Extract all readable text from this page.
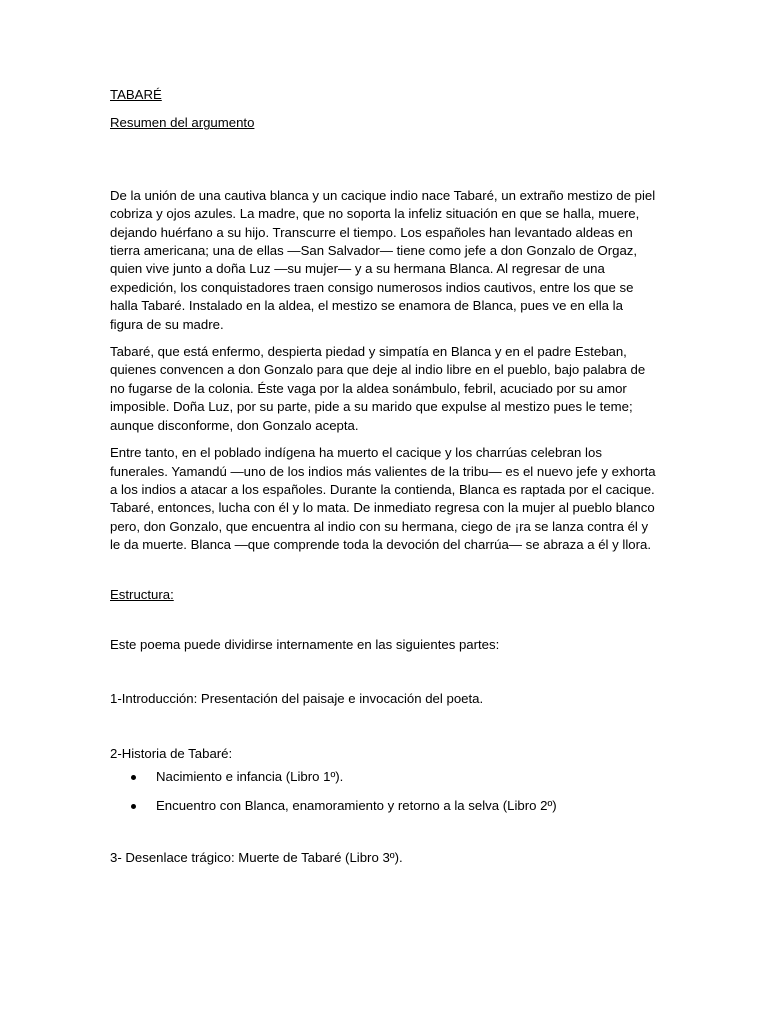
TABARÉ
Resumen del argumento

De la unión de una cautiva blanca y un cacique indio nace Tabaré, un extraño mestizo de piel cobriza y ojos azules. La madre, que no soporta la infeliz situación en que se halla, muere, dejando huérfano a su hijo. Transcurre el tiempo. Los españoles han levantado aldeas en tierra americana; una de ellas —San Salvador— tiene como jefe a don Gonzalo de Orgaz, quien vive junto a doña Luz —su mujer— y a su hermana Blanca. Al regresar de una expedición, los conquistadores traen consigo numerosos indios cautivos, entre los que se halla Tabaré. Instalado en la aldea, el mestizo se enamora de Blanca, pues ve en ella la figura de su madre.

Tabaré, que está enfermo, despierta piedad y simpatía en Blanca y en el padre Esteban, quienes convencen a don Gonzalo para que deje al indio libre en el pueblo, bajo palabra de no fugarse de la colonia. Éste vaga por la aldea sonámbulo, febril, acuciado por su amor imposible. Doña Luz, por su parte, pide a su marido que expulse al mestizo pues le teme; aunque disconforme, don Gonzalo acepta.

Entre tanto, en el poblado indígena ha muerto el cacique y los charrúas celebran los funerales. Yamandú —uno de los indios más valientes de la tribu— es el nuevo jefe y exhorta a los indios a atacar a los españoles. Durante la contienda, Blanca es raptada por el cacique. Tabaré, entonces, lucha con él y lo mata. De inmediato regresa con la mujer al pueblo blanco pero, don Gonzalo, que encuentra al indio con su hermana, ciego de ¡ra se lanza contra él y le da muerte. Blanca —que comprende toda la devoción del charrúa— se abraza a él y llora.

Estructura:

Este poema puede dividirse internamente en las siguientes partes:

1-Introducción: Presentación del paisaje e invocación del poeta.

2-Historia de Tabaré:

Nacimiento e infancia (Libro 1º).
Encuentro con Blanca, enamoramiento y retorno a la selva (Libro 2º)

3- Desenlace trágico: Muerte de Tabaré (Libro 3º).
